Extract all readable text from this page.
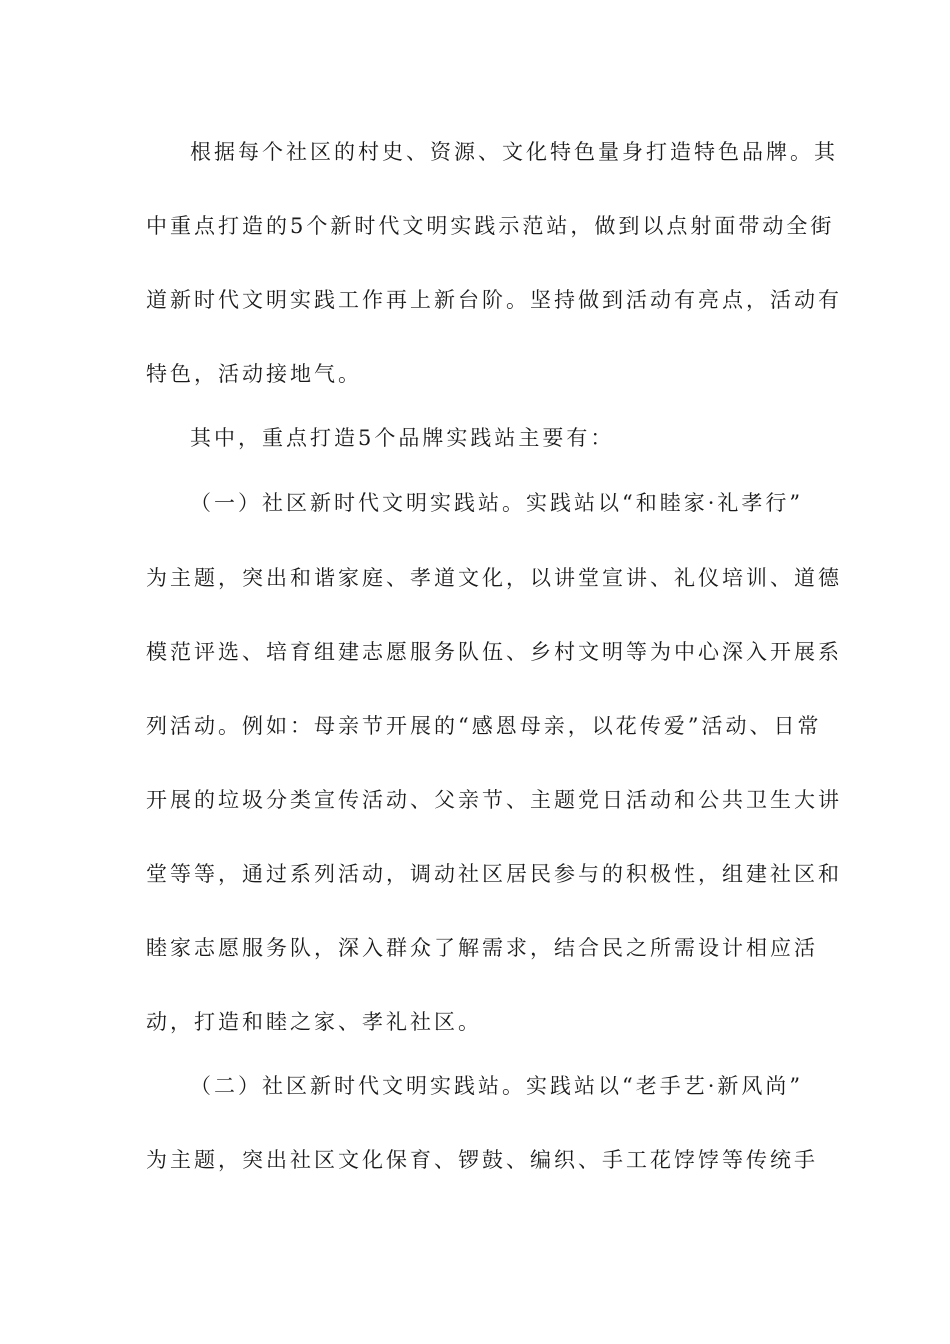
根据每个社区的村史、资源、文化特色量身打造特色品牌。其
中重点打造的5个新时代文明实践示范站，做到以点射面带动全街
道新时代文明实践工作再上新台阶。坚持做到活动有亮点，活动有
特色，活动接地气。
其中，重点打造5个品牌实践站主要有：
（一）社区新时代文明实践站。实践站以“和睦家·礼孝行”
为主题，突出和谐家庭、孝道文化，以讲堂宣讲、礼仪培训、道德
模范评选、培育组建志愿服务队伍、乡村文明等为中心深入开展系
列活动。例如：母亲节开展的“感恩母亲，以花传爱”活动、日常
开展的垃圾分类宣传活动、父亲节、主题党日活动和公共卫生大讲
堂等等，通过系列活动，调动社区居民参与的积极性，组建社区和
睦家志愿服务队，深入群众了解需求，结合民之所需设计相应活
动，打造和睦之家、孝礼社区。
（二）社区新时代文明实践站。实践站以“老手艺·新风尚”
为主题，突出社区文化保育、锣鼓、编织、手工花饽饽等传统手
